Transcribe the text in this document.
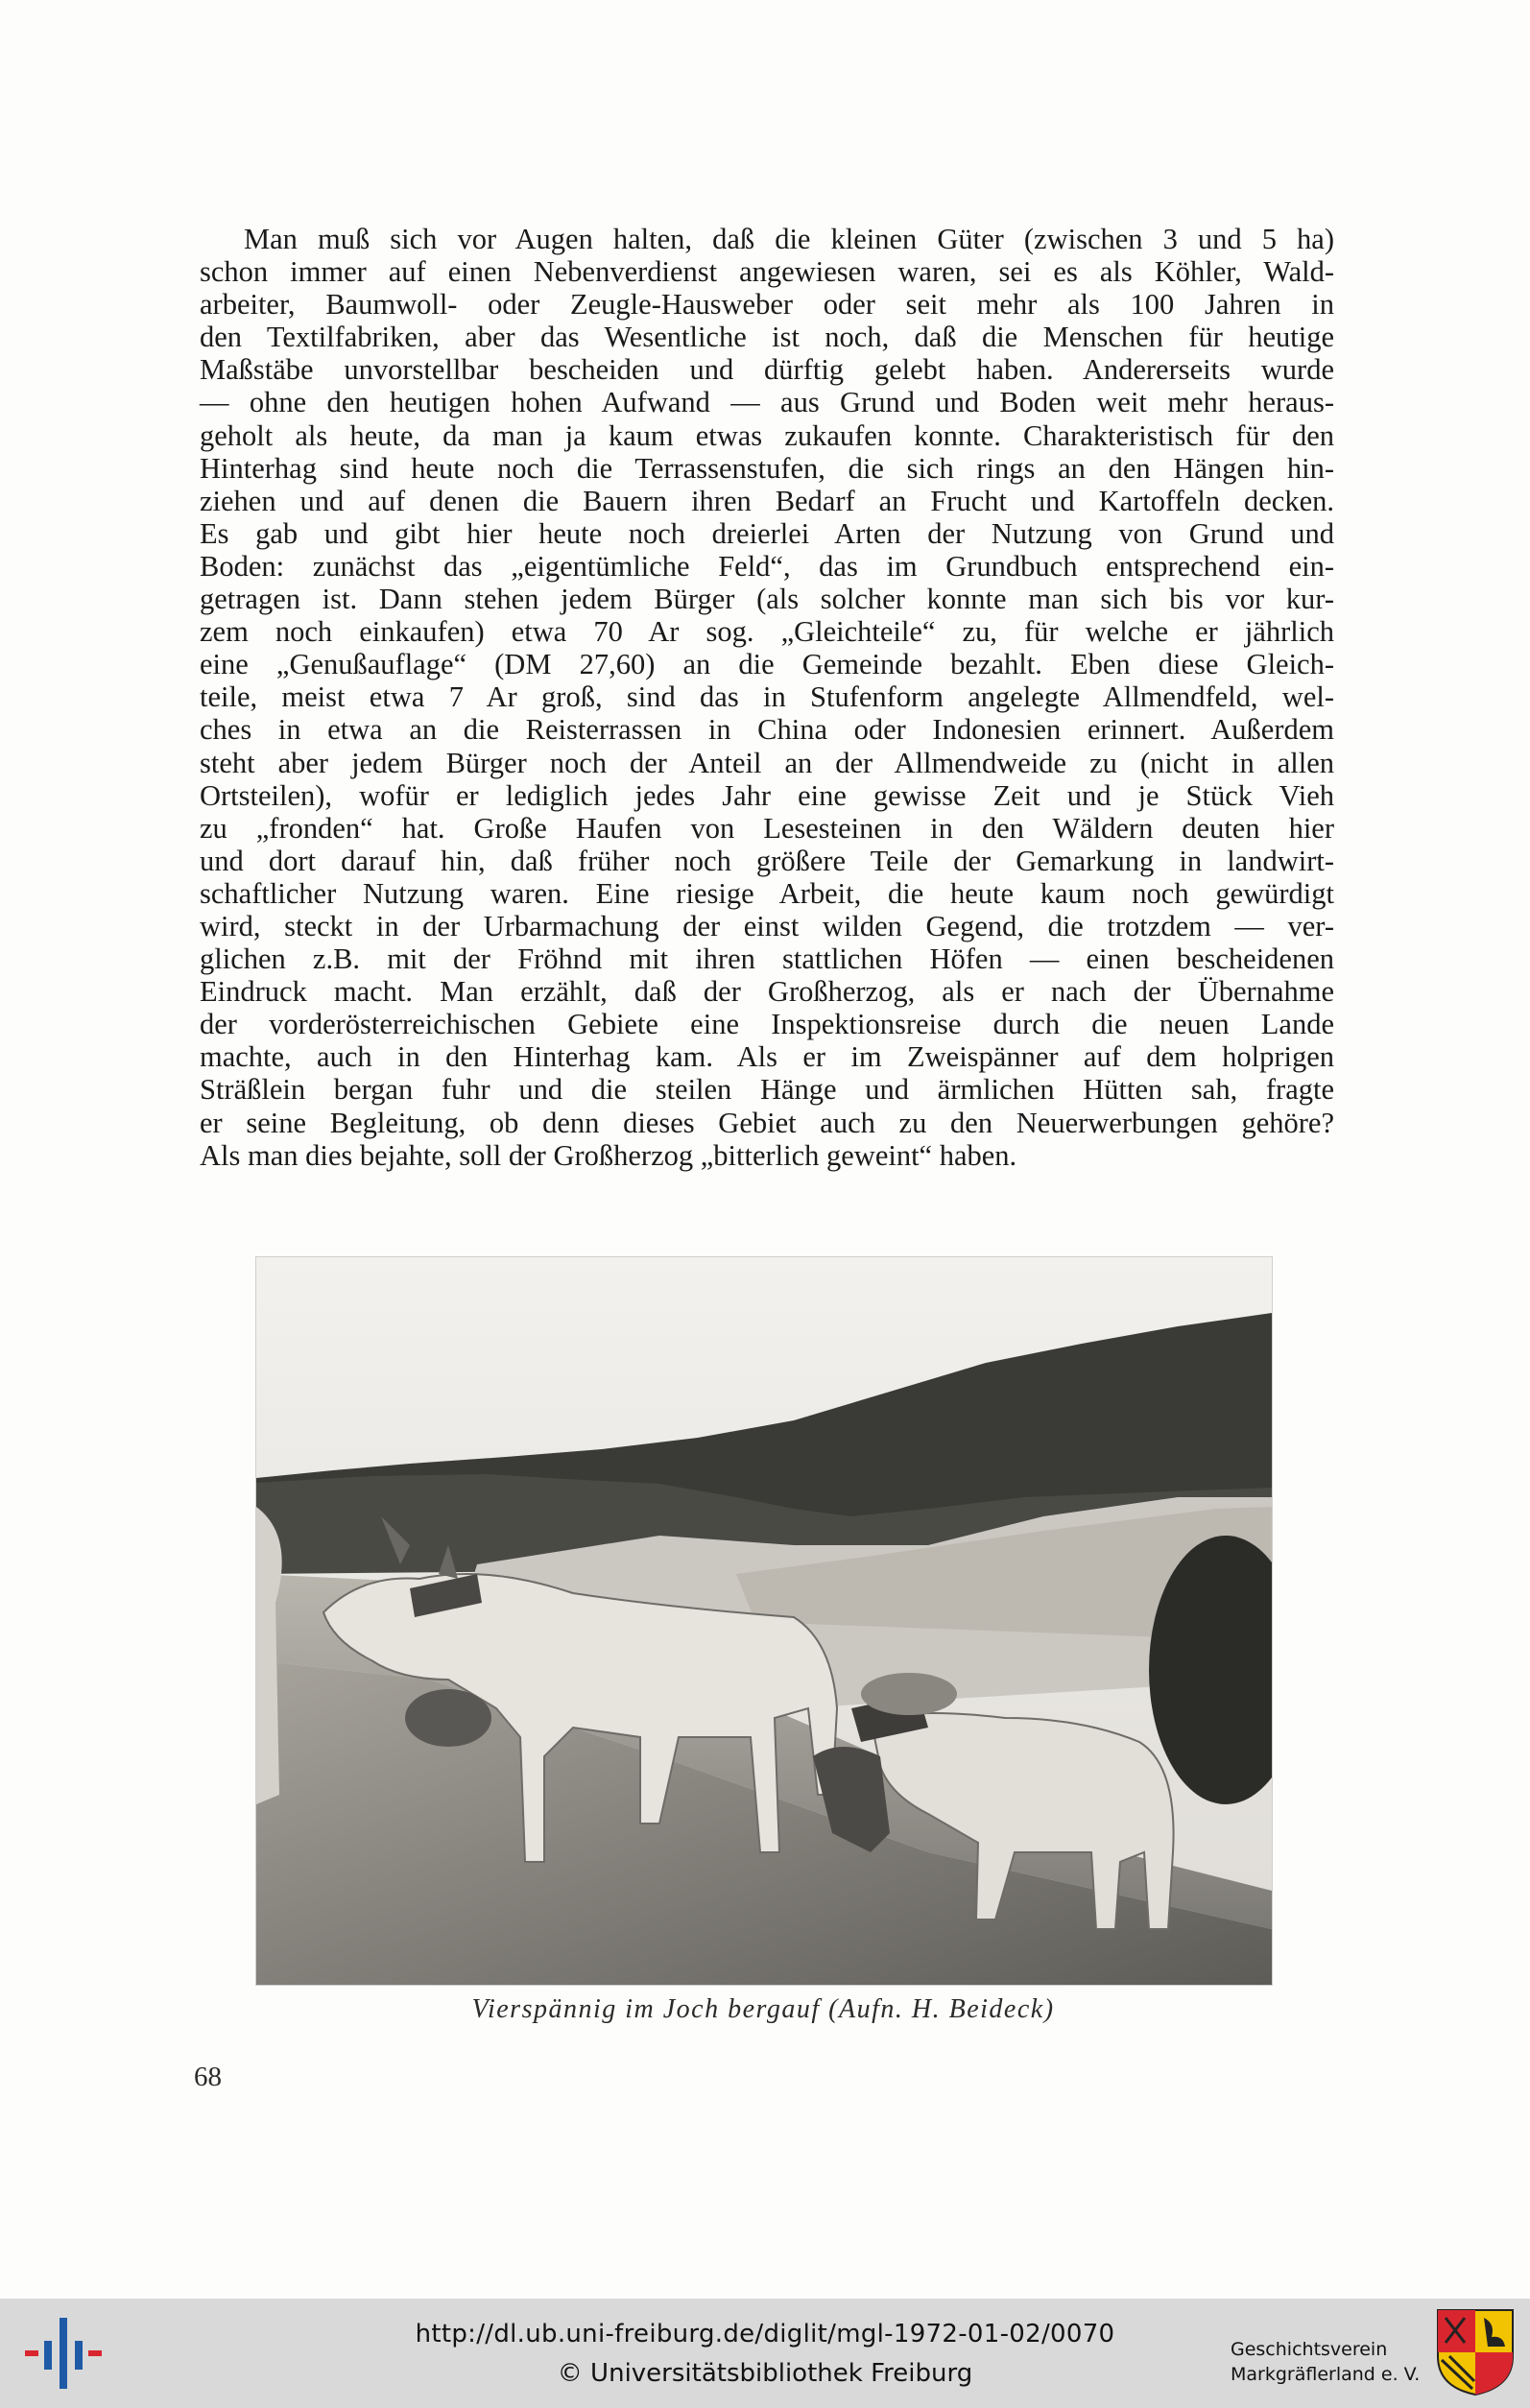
Man muß sich vor Augen halten, daß die kleinen Güter (zwischen 3 und 5 ha)
schon immer auf einen Nebenverdienst angewiesen waren, sei es als Köhler, Wald-
arbeiter, Baumwoll- oder Zeugle-Hausweber oder seit mehr als 100 Jahren in
den Textilfabriken, aber das Wesentliche ist noch, daß die Menschen für heutige
Maßstäbe unvorstellbar bescheiden und dürftig gelebt haben. Andererseits wurde
— ohne den heutigen hohen Aufwand — aus Grund und Boden weit mehr heraus-
geholt als heute, da man ja kaum etwas zukaufen konnte. Charakteristisch für den
Hinterhag sind heute noch die Terrassenstufen, die sich rings an den Hängen hin-
ziehen und auf denen die Bauern ihren Bedarf an Frucht und Kartoffeln decken.
Es gab und gibt hier heute noch dreierlei Arten der Nutzung von Grund und
Boden: zunächst das „eigentümliche Feld“, das im Grundbuch entsprechend ein-
getragen ist. Dann stehen jedem Bürger (als solcher konnte man sich bis vor kur-
zem noch einkaufen) etwa 70 Ar sog. „Gleichteile“ zu, für welche er jährlich
eine „Genußauflage“ (DM 27,60) an die Gemeinde bezahlt. Eben diese Gleich-
teile, meist etwa 7 Ar groß, sind das in Stufenform angelegte Allmendfeld, wel-
ches in etwa an die Reisterrassen in China oder Indonesien erinnert. Außerdem
steht aber jedem Bürger noch der Anteil an der Allmendweide zu (nicht in allen
Ortsteilen), wofür er lediglich jedes Jahr eine gewisse Zeit und je Stück Vieh
zu „fronden“ hat. Große Haufen von Lesesteinen in den Wäldern deuten hier
und dort darauf hin, daß früher noch größere Teile der Gemarkung in landwirt-
schaftlicher Nutzung waren. Eine riesige Arbeit, die heute kaum noch gewürdigt
wird, steckt in der Urbarmachung der einst wilden Gegend, die trotzdem — ver-
glichen z.B. mit der Fröhnd mit ihren stattlichen Höfen — einen bescheidenen
Eindruck macht. Man erzählt, daß der Großherzog, als er nach der Übernahme
der vorderösterreichischen Gebiete eine Inspektionsreise durch die neuen Lande
machte, auch in den Hinterhag kam. Als er im Zweispänner auf dem holprigen
Sträßlein bergan fuhr und die steilen Hänge und ärmlichen Hütten sah, fragte
er seine Begleitung, ob denn dieses Gebiet auch zu den Neuerwerbungen gehöre?
Als man dies bejahte, soll der Großherzog „bitterlich geweint“ haben.
Vierspännig im Joch bergauf (Aufn. H. Beideck)
68
http://dl.ub.uni-freiburg.de/diglit/mgl-1972-01-02/0070
© Universitätsbibliothek Freiburg
Geschichtsverein
Markgräflerland e. V.
